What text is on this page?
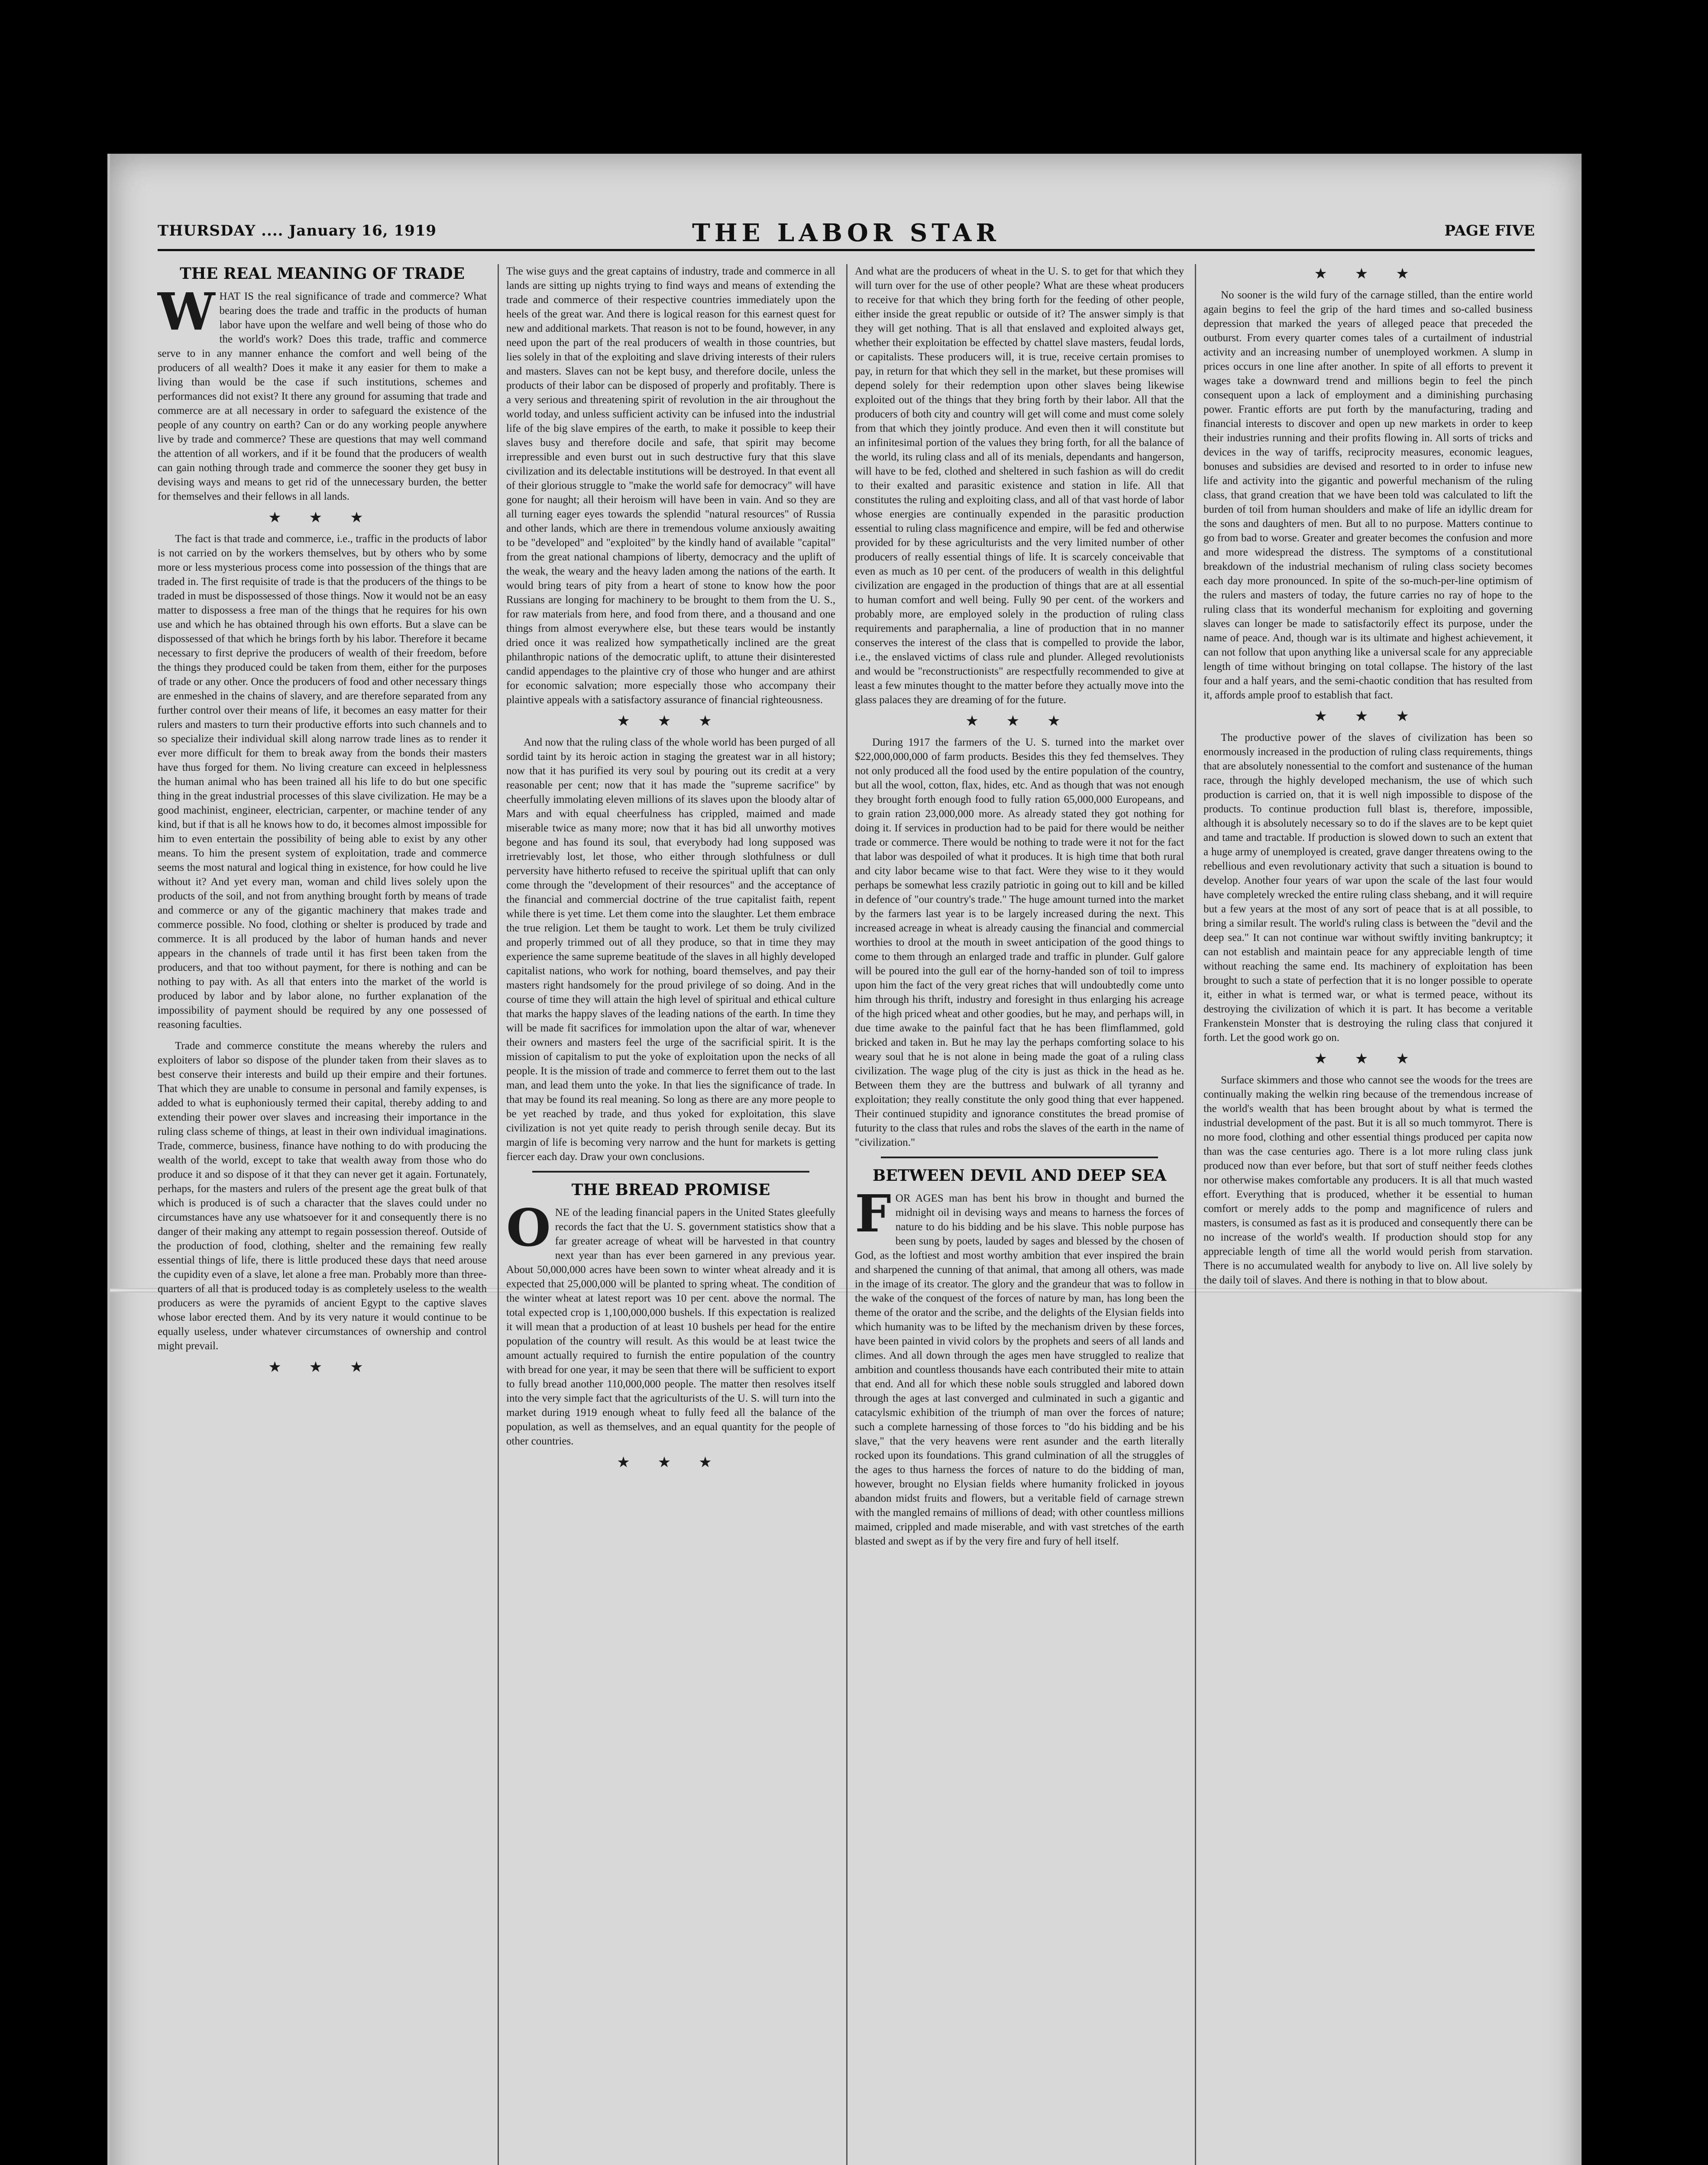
THURSDAY .... January 16, 1919	THE LABOR STAR	PAGE FIVE
THE REAL MEANING OF TRADE

WHAT IS the real significance of trade and commerce? What bearing does the trade and traffic in the products of human labor have upon the welfare and well being of those who do the world's work? Does this trade, traffic and commerce serve to in any manner enhance the comfort and well being of the producers of all wealth? Does it make it any easier for them to make a living than would be the case if such institutions, schemes and performances did not exist? It there any ground for assuming that trade and commerce are at all necessary in order to safeguard the existence of the people of any country on earth? Can or do any working people anywhere live by trade and commerce? These are questions that may well command the attention of all workers, and if it be found that the producers of wealth can gain nothing through trade and commerce the sooner they get busy in devising ways and means to get rid of the unnecessary burden, the better for themselves and their fellows in all lands.

★ ★ ★

The fact is that trade and commerce, i.e., traffic in the products of labor is not carried on by the workers themselves, but by others who by some more or less mysterious process come into possession of the things that are traded in. The first requisite of trade is that the producers of the things to be traded in must be dispossessed of those things. Now it would not be an easy matter to dispossess a free man of the things that he requires for his own use and which he has obtained through his own efforts. But a slave can be dispossessed of that which he brings forth by his labor. Therefore it became necessary to first deprive the producers of wealth of their freedom, before the things they produced could be taken from them, either for the purposes of trade or any other. Once the producers of food and other necessary things are enmeshed in the chains of slavery, and are therefore separated from any further control over their means of life, it becomes an easy matter for their rulers and masters to turn their productive efforts into such channels and to so specialize their individual skill along narrow trade lines as to render it ever more difficult for them to break away from the bonds their masters have thus forged for them. No living creature can exceed in helplessness the human animal who has been trained all his life to do but one specific thing in the great industrial processes of this slave civilization. He may be a good machinist, engineer, electrician, carpenter, or machine tender of any kind, but if that is all he knows how to do, it becomes almost impossible for him to even entertain the possibility of being able to exist by any other means. To him the present system of exploitation, trade and commerce seems the most natural and logical thing in existence, for how could he live without it? And yet every man, woman and child lives solely upon the products of the soil, and not from anything brought forth by means of trade and commerce or any of the gigantic machinery that makes trade and commerce possible. No food, clothing or shelter is produced by trade and commerce. It is all produced by the labor of human hands and never appears in the channels of trade until it has first been taken from the producers, and that too without payment, for there is nothing and can be nothing to pay with. As all that enters into the market of the world is produced by labor and by labor alone, no further explanation of the impossibility of payment should be required by any one possessed of reasoning faculties.

Trade and commerce constitute the means whereby the rulers and exploiters of labor so dispose of the plunder taken from their slaves as to best conserve their interests and build up their empire and their fortunes. That which they are unable to consume in personal and family expenses, is added to what is euphoniously termed their capital, thereby adding to and extending their power over slaves and increasing their importance in the ruling class scheme of things, at least in their own individual imaginations. Trade, commerce, business, finance have nothing to do with producing the wealth of the world, except to take that wealth away from those who do produce it and so dispose of it that they can never get it again. Fortunately, perhaps, for the masters and rulers of the present age the great bulk of that which is produced is of such a character that the slaves could under no circumstances have any use whatsoever for it and consequently there is no danger of their making any attempt to regain possession thereof. Outside of the production of food, clothing, shelter and the remaining few really essential things of life, there is little produced these days that need arouse the cupidity even of a slave, let alone a free man. Probably more than three-quarters of all that is produced today is as completely useless to the wealth producers as were the pyramids of ancient Egypt to the captive slaves whose labor erected them. And by its very nature it would continue to be equally useless, under whatever circumstances of ownership and control might prevail.

★ ★ ★

The wise guys and the great captains of industry, trade and commerce in all lands are sitting up nights trying to find ways and means of extending the trade and commerce of their respective countries immediately upon the heels of the great war. And there is logical reason for this earnest quest for new and additional markets. That reason is not to be found, however, in any need upon the part of the real producers of wealth in those countries, but lies solely in that of the exploiting and slave driving interests of their rulers and masters. Slaves can not be kept busy, and therefore docile, unless the products of their labor can be disposed of properly and profitably. There is a very serious and threatening spirit of revolution in the air throughout the world today, and unless sufficient activity can be infused into the industrial life of the big slave empires of the earth, to make it possible to keep their slaves busy and therefore docile and safe, that spirit may become irrepressible and even burst out in such destructive fury that this slave civilization and its delectable institutions will be destroyed. In that event all of their glorious struggle to "make the world safe for democracy" will have gone for naught; all their heroism will have been in vain. And so they are all turning eager eyes towards the splendid "natural resources" of Russia and other lands, which are there in tremendous volume anxiously awaiting to be "developed" and "exploited" by the kindly hand of available "capital" from the great national champions of liberty, democracy and the uplift of the weak, the weary and the heavy laden among the nations of the earth. It would bring tears of pity from a heart of stone to know how the poor Russians are longing for machinery to be brought to them from the U. S., for raw materials from here, and food from there, and a thousand and one things from almost everywhere else, but these tears would be instantly dried once it was realized how sympathetically inclined are the great philanthropic nations of the democratic uplift, to attune their disinterested candid appendages to the plaintive cry of those who hunger and are athirst for economic salvation; more especially those who accompany their plaintive appeals with a satisfactory assurance of financial righteousness.

★ ★ ★

And now that the ruling class of the whole world has been purged of all sordid taint by its heroic action in staging the greatest war in all history; now that it has purified its very soul by pouring out its credit at a very reasonable per cent; now that it has made the "supreme sacrifice" by cheerfully immolating eleven millions of its slaves upon the bloody altar of Mars and with equal cheerfulness has crippled, maimed and made miserable twice as many more; now that it has bid all unworthy motives begone and has found its soul, that everybody had long supposed was irretrievably lost, let those, who either through slothfulness or dull perversity have hitherto refused to receive the spiritual uplift that can only come through the "development of their resources" and the acceptance of the financial and commercial doctrine of the true capitalist faith, repent while there is yet time. Let them come into the slaughter. Let them embrace the true religion. Let them be taught to work. Let them be truly civilized and properly trimmed out of all they produce, so that in time they may experience the same supreme beatitude of the slaves in all highly developed capitalist nations, who work for nothing, board themselves, and pay their masters right handsomely for the proud privilege of so doing. And in the course of time they will attain the high level of spiritual and ethical culture that marks the happy slaves of the leading nations of the earth. In time they will be made fit sacrifices for immolation upon the altar of war, whenever their owners and masters feel the urge of the sacrificial spirit. It is the mission of capitalism to put the yoke of exploitation upon the necks of all people. It is the mission of trade and commerce to ferret them out to the last man, and lead them unto the yoke. In that lies the significance of trade. In that may be found its real meaning. So long as there are any more people to be yet reached by trade, and thus yoked for exploitation, this slave civilization is not yet quite ready to perish through senile decay. But its margin of life is becoming very narrow and the hunt for markets is getting fiercer each day. Draw your own conclusions.

THE BREAD PROMISE

ONE of the leading financial papers in the United States gleefully records the fact that the U. S. government statistics show that a far greater acreage of wheat will be harvested in that country next year than has ever been garnered in any previous year. About 50,000,000 acres have been sown to winter wheat already and it is expected that 25,000,000 will be planted to spring wheat. The condition of the winter wheat at latest report was 10 per cent. above the normal. The total expected crop is 1,100,000,000 bushels. If this expectation is realized it will mean that a production of at least 10 bushels per head for the entire population of the country will result. As this would be at least twice the amount actually required to furnish the entire population of the country with bread for one year, it may be seen that there will be sufficient to export to fully bread another 110,000,000 people. The matter then resolves itself into the very simple fact that the agriculturists of the U. S. will turn into the market during 1919 enough wheat to fully feed all the balance of the population, as well as themselves, and an equal quantity for the people of other countries.

★ ★ ★

And what are the producers of wheat in the U. S. to get for that which they will turn over for the use of other people? What are these wheat producers to receive for that which they bring forth for the feeding of other people, either inside the great republic or outside of it? The answer simply is that they will get nothing. That is all that enslaved and exploited always get, whether their exploitation be effected by chattel slave masters, feudal lords, or capitalists. These producers will, it is true, receive certain promises to pay, in return for that which they sell in the market, but these promises will depend solely for their redemption upon other slaves being likewise exploited out of the things that they bring forth by their labor. All that the producers of both city and country will get will come and must come solely from that which they jointly produce. And even then it will constitute but an infinitesimal portion of the values they bring forth, for all the balance of the world, its ruling class and all of its menials, dependants and hangerson, will have to be fed, clothed and sheltered in such fashion as will do credit to their exalted and parasitic existence and station in life. All that constitutes the ruling and exploiting class, and all of that vast horde of labor whose energies are continually expended in the parasitic production essential to ruling class magnificence and empire, will be fed and otherwise provided for by these agriculturists and the very limited number of other producers of really essential things of life. It is scarcely conceivable that even as much as 10 per cent. of the producers of wealth in this delightful civilization are engaged in the production of things that are at all essential to human comfort and well being. Fully 90 per cent. of the workers and probably more, are employed solely in the production of ruling class requirements and paraphernalia, a line of production that in no manner conserves the interest of the class that is compelled to provide the labor, i.e., the enslaved victims of class rule and plunder. Alleged revolutionists and would be "reconstructionists" are respectfully recommended to give at least a few minutes thought to the matter before they actually move into the glass palaces they are dreaming of for the future.

★ ★ ★

During 1917 the farmers of the U. S. turned into the market over $22,000,000,000 of farm products. Besides this they fed themselves. They not only produced all the food used by the entire population of the country, but all the wool, cotton, flax, hides, etc. And as though that was not enough they brought forth enough food to fully ration 65,000,000 Europeans, and to grain ration 23,000,000 more. As already stated they got nothing for doing it. If services in production had to be paid for there would be neither trade or commerce. There would be nothing to trade were it not for the fact that labor was despoiled of what it produces. It is high time that both rural and city labor became wise to that fact. Were they wise to it they would perhaps be somewhat less crazily patriotic in going out to kill and be killed in defence of "our country's trade." The huge amount turned into the market by the farmers last year is to be largely increased during the next. This increased acreage in wheat is already causing the financial and commercial worthies to drool at the mouth in sweet anticipation of the good things to come to them through an enlarged trade and traffic in plunder. Gulf galore will be poured into the gull ear of the horny-handed son of toil to impress upon him the fact of the very great riches that will undoubtedly come unto him through his thrift, industry and foresight in thus enlarging his acreage of the high priced wheat and other goodies, but he may, and perhaps will, in due time awake to the painful fact that he has been flimflammed, gold bricked and taken in. But he may lay the perhaps comforting solace to his weary soul that he is not alone in being made the goat of a ruling class civilization. The wage plug of the city is just as thick in the head as he. Between them they are the buttress and bulwark of all tyranny and exploitation; they really constitute the only good thing that ever happened. Their continued stupidity and ignorance constitutes the bread promise of futurity to the class that rules and robs the slaves of the earth in the name of "civilization."

BETWEEN DEVIL AND DEEP SEA

FOR AGES man has bent his brow in thought and burned the midnight oil in devising ways and means to harness the forces of nature to do his bidding and be his slave. This noble purpose has been sung by poets, lauded by sages and blessed by the chosen of God, as the loftiest and most worthy ambition that ever inspired the brain and sharpened the cunning of that animal, that among all others, was made in the image of its creator. The glory and the grandeur that was to follow in the wake of the conquest of the forces of nature by man, has long been the theme of the orator and the scribe, and the delights of the Elysian fields into which humanity was to be lifted by the mechanism driven by these forces, have been painted in vivid colors by the prophets and seers of all lands and climes. And all down through the ages men have struggled to realize that ambition and countless thousands have each contributed their mite to attain that end. And all for which these noble souls struggled and labored down through the ages at last converged and culminated in such a gigantic and catacylsmic exhibition of the triumph of man over the forces of nature; such a complete harnessing of those forces to "do his bidding and be his slave," that the very heavens were rent asunder and the earth literally rocked upon its foundations. This grand culmination of all the struggles of the ages to thus harness the forces of nature to do the bidding of man, however, brought no Elysian fields where humanity frolicked in joyous abandon midst fruits and flowers, but a veritable field of carnage strewn with the mangled remains of millions of dead; with other countless millions maimed, crippled and made miserable, and with vast stretches of the earth blasted and swept as if by the very fire and fury of hell itself.

★ ★ ★

No sooner is the wild fury of the carnage stilled, than the entire world again begins to feel the grip of the hard times and so-called business depression that marked the years of alleged peace that preceded the outburst. From every quarter comes tales of a curtailment of industrial activity and an increasing number of unemployed workmen. A slump in prices occurs in one line after another. In spite of all efforts to prevent it wages take a downward trend and millions begin to feel the pinch consequent upon a lack of employment and a diminishing purchasing power. Frantic efforts are put forth by the manufacturing, trading and financial interests to discover and open up new markets in order to keep their industries running and their profits flowing in. All sorts of tricks and devices in the way of tariffs, reciprocity measures, economic leagues, bonuses and subsidies are devised and resorted to in order to infuse new life and activity into the gigantic and powerful mechanism of the ruling class, that grand creation that we have been told was calculated to lift the burden of toil from human shoulders and make of life an idyllic dream for the sons and daughters of men. But all to no purpose. Matters continue to go from bad to worse. Greater and greater becomes the confusion and more and more widespread the distress. The symptoms of a constitutional breakdown of the industrial mechanism of ruling class society becomes each day more pronounced. In spite of the so-much-per-line optimism of the rulers and masters of today, the future carries no ray of hope to the ruling class that its wonderful mechanism for exploiting and governing slaves can longer be made to satisfactorily effect its purpose, under the name of peace. And, though war is its ultimate and highest achievement, it can not follow that upon anything like a universal scale for any appreciable length of time without bringing on total collapse. The history of the last four and a half years, and the semi-chaotic condition that has resulted from it, affords ample proof to establish that fact.

★ ★ ★

The productive power of the slaves of civilization has been so enormously increased in the production of ruling class requirements, things that are absolutely nonessential to the comfort and sustenance of the human race, through the highly developed mechanism, the use of which such production is carried on, that it is well nigh impossible to dispose of the products. To continue production full blast is, therefore, impossible, although it is absolutely necessary so to do if the slaves are to be kept quiet and tame and tractable. If production is slowed down to such an extent that a huge army of unemployed is created, grave danger threatens owing to the rebellious and even revolutionary activity that such a situation is bound to develop. Another four years of war upon the scale of the last four would have completely wrecked the entire ruling class shebang, and it will require but a few years at the most of any sort of peace that is at all possible, to bring a similar result. The world's ruling class is between the "devil and the deep sea." It can not continue war without swiftly inviting bankruptcy; it can not establish and maintain peace for any appreciable length of time without reaching the same end. Its machinery of exploitation has been brought to such a state of perfection that it is no longer possible to operate it, either in what is termed war, or what is termed peace, without its destroying the civilization of which it is part. It has become a veritable Frankenstein Monster that is destroying the ruling class that conjured it forth. Let the good work go on.

★ ★ ★

Surface skimmers and those who cannot see the woods for the trees are continually making the welkin ring because of the tremendous increase of the world's wealth that has been brought about by what is termed the industrial development of the past. But it is all so much tommyrot. There is no more food, clothing and other essential things produced per capita now than was the case centuries ago. There is a lot more ruling class junk produced now than ever before, but that sort of stuff neither feeds clothes nor otherwise makes comfortable any producers. It is all that much wasted effort. Everything that is produced, whether it be essential to human comfort or merely adds to the pomp and magnificence of rulers and masters, is consumed as fast as it is produced and consequently there can be no increase of the world's wealth. If production should stop for any appreciable length of time all the world would perish from starvation. There is no accumulated wealth for anybody to live on. All live solely by the daily toil of slaves. And there is nothing in that to blow about.
